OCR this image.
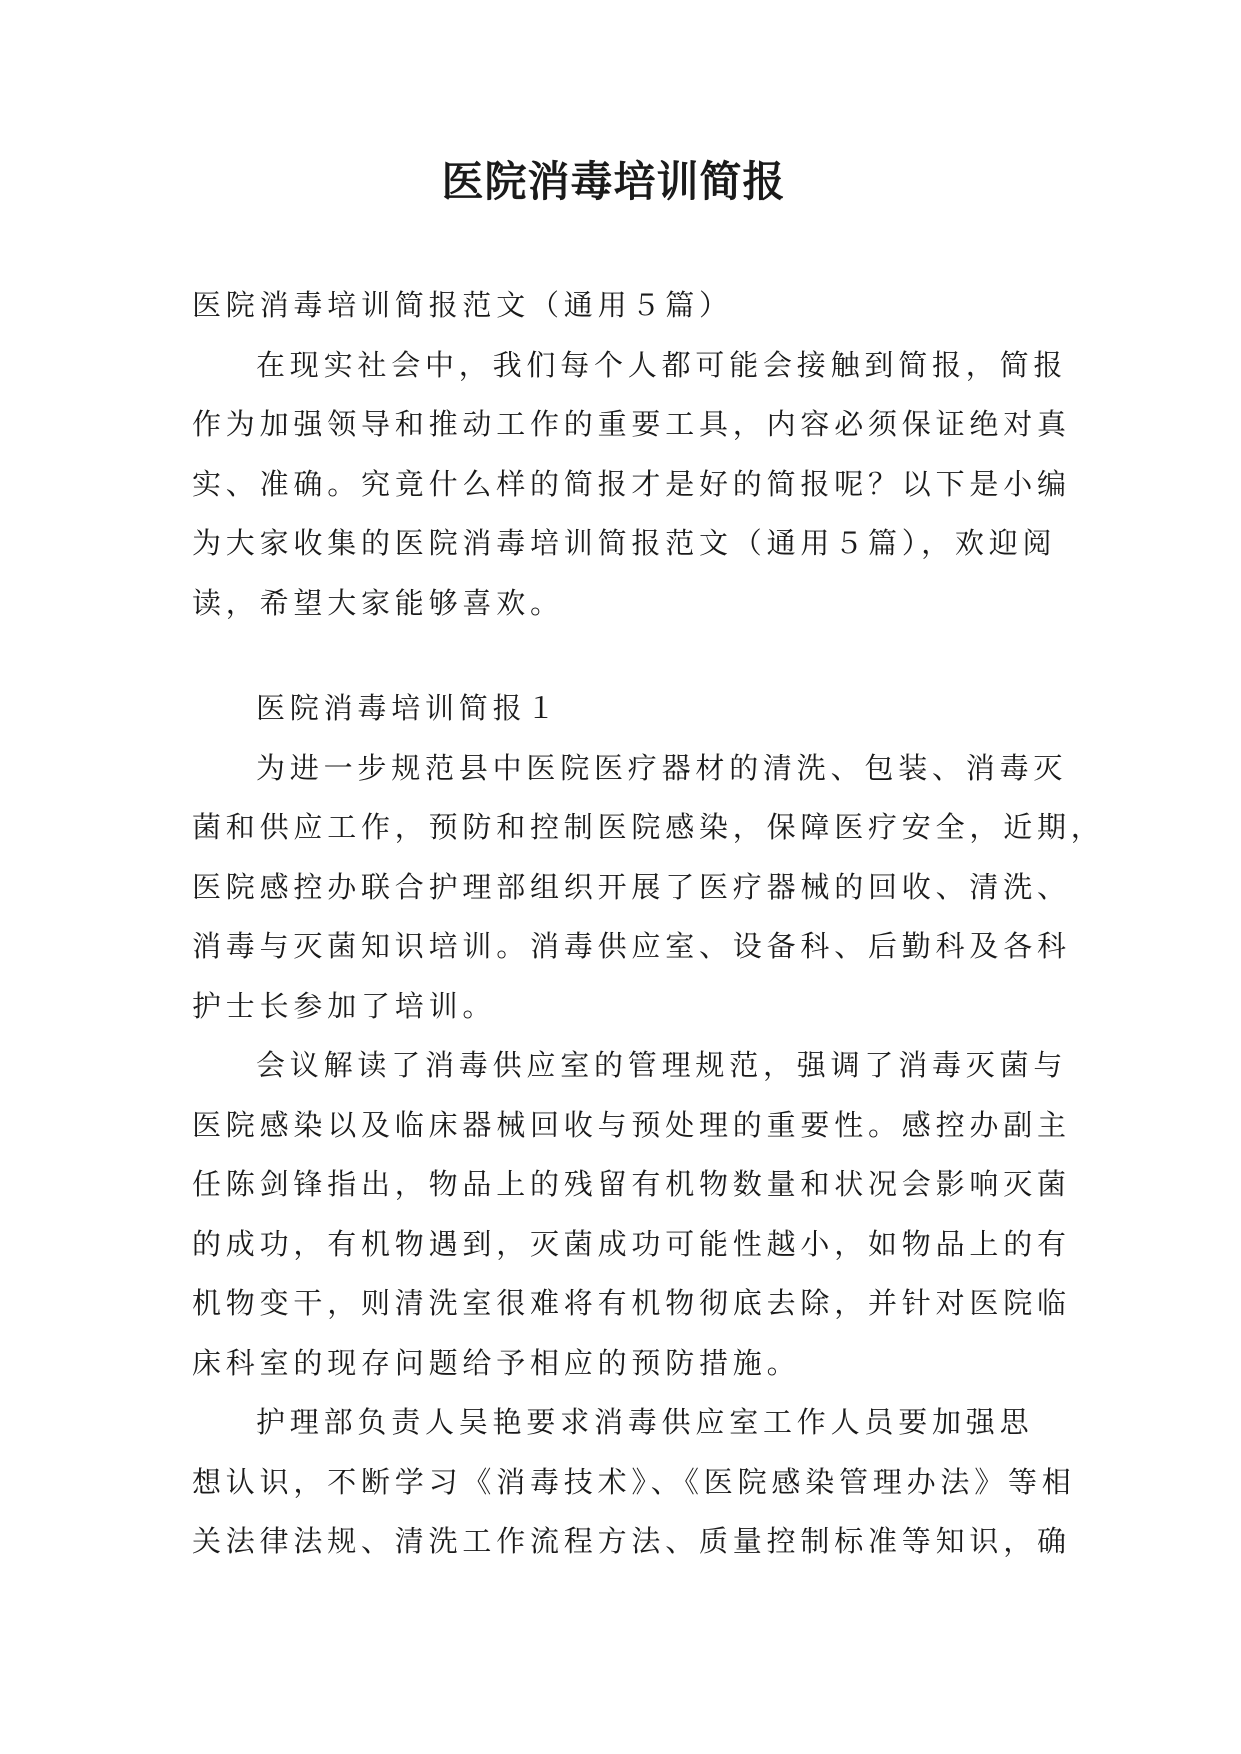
医院消毒培训简报
医院消毒培训简报范文（通用５篇）
在现实社会中，我们每个人都可能会接触到简报，简报
作为加强领导和推动工作的重要工具，内容必须保证绝对真
实、准确。究竟什么样的简报才是好的简报呢？以下是小编
为大家收集的医院消毒培训简报范文（通用５篇），欢迎阅
读，希望大家能够喜欢。
医院消毒培训简报１
为进一步规范县中医院医疗器材的清洗、包装、消毒灭
菌和供应工作，预防和控制医院感染，保障医疗安全，近期，
医院感控办联合护理部组织开展了医疗器械的回收、清洗、
消毒与灭菌知识培训。消毒供应室、设备科、后勤科及各科
护士长参加了培训。
会议解读了消毒供应室的管理规范，强调了消毒灭菌与
医院感染以及临床器械回收与预处理的重要性。感控办副主
任陈剑锋指出，物品上的残留有机物数量和状况会影响灭菌
的成功，有机物遇到，灭菌成功可能性越小，如物品上的有
机物变干，则清洗室很难将有机物彻底去除，并针对医院临
床科室的现存问题给予相应的预防措施。
护理部负责人吴艳要求消毒供应室工作人员要加强思
想认识，不断学习《消毒技术》、《医院感染管理办法》等相
关法律法规、清洗工作流程方法、质量控制标准等知识，确
